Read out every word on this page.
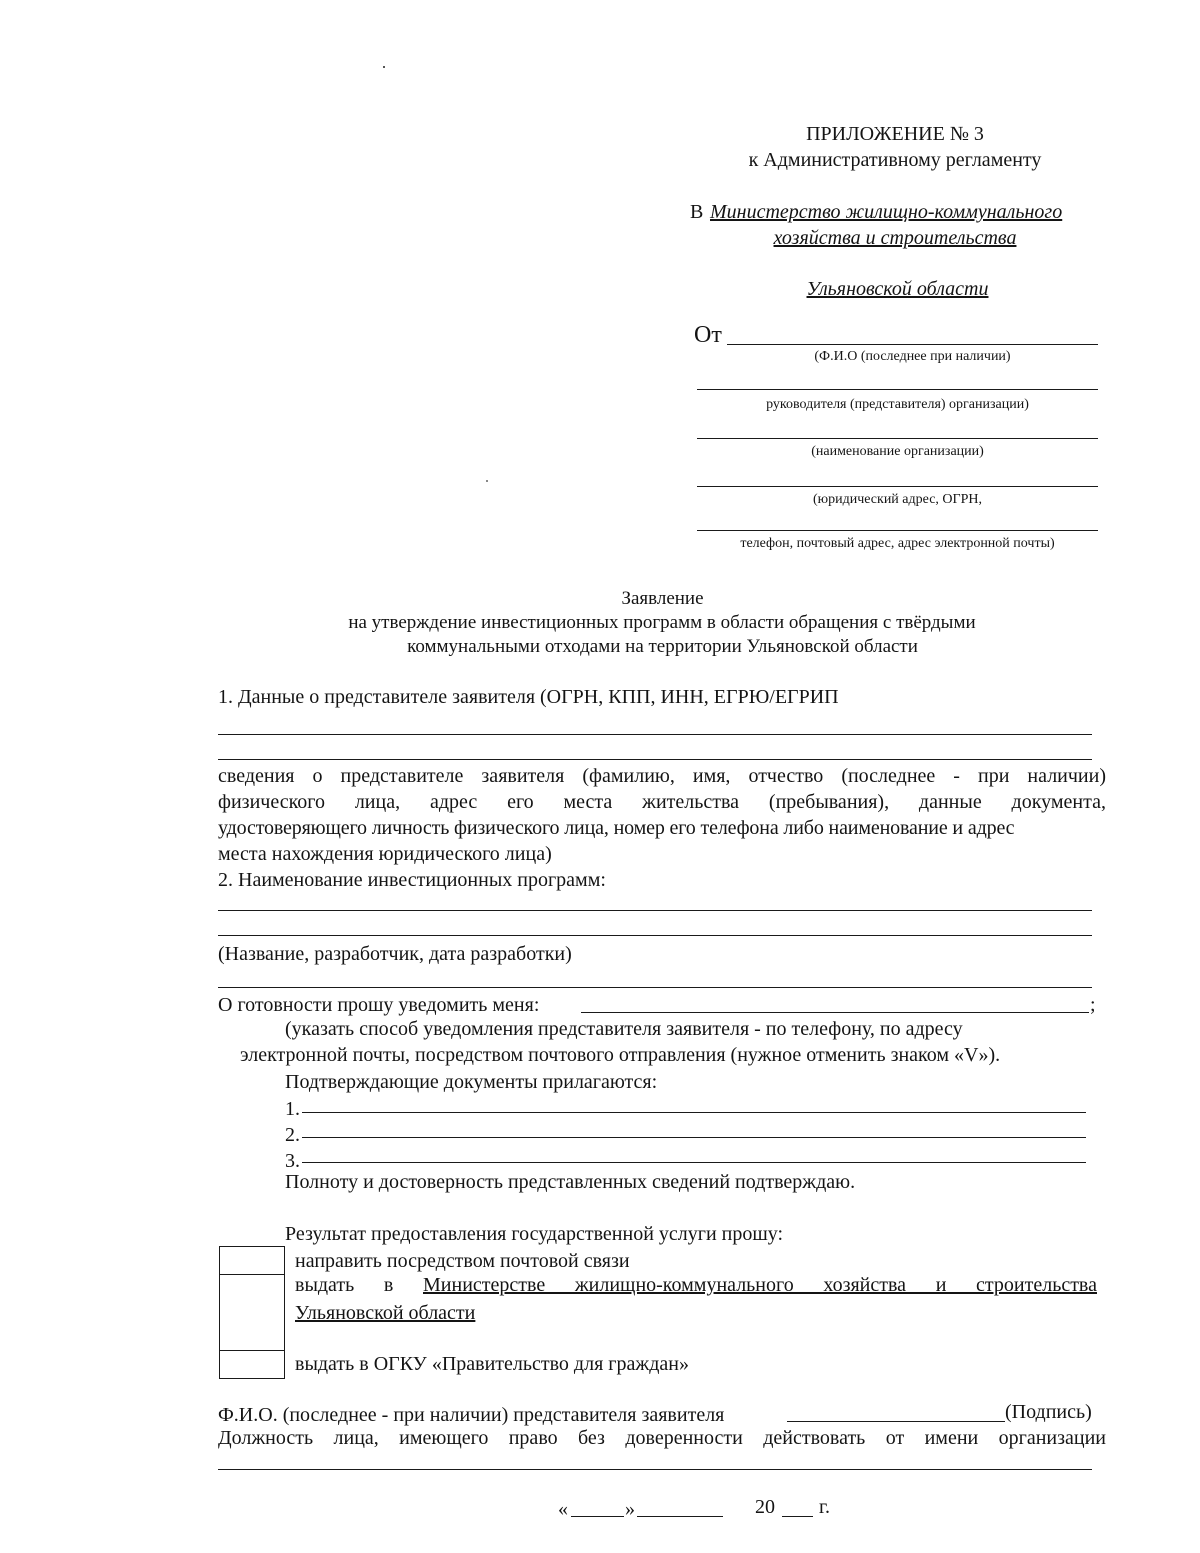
ПРИЛОЖЕНИЕ № 3
к Административному регламенту
В Министерство жилищно-коммунального
хозяйства и строительства
Ульяновской области
От
(Ф.И.О (последнее при наличии)
руководителя (представителя) организации)
(наименование организации)
(юридический адрес, ОГРН,
телефон, почтовый адрес, адрес электронной почты)
Заявление
на утверждение инвестиционных программ в области обращения с твёрдыми
коммунальными отходами на территории Ульяновской области
1. Данные о представителе заявителя (ОГРН, КПП, ИНН, ЕГРЮ/ЕГРИП
сведения о представителе заявителя (фамилию, имя, отчество (последнее - при наличии)
физического лица, адрес его места жительства (пребывания), данные документа,
удостоверяющего личность физического лица, номер его телефона либо наименование и адрес
места нахождения юридического лица)
2. Наименование инвестиционных программ:
(Название, разработчик, дата разработки)
О готовности прошу уведомить меня:	;
(указать способ уведомления представителя заявителя - по телефону, по адресу
электронной почты, посредством почтового отправления (нужное отменить знаком «V»).
Подтверждающие документы прилагаются:
1.
2.
3.
Полноту и достоверность представленных сведений подтверждаю.
Результат предоставления государственной услуги прошу:
направить посредством почтовой связи
выдать в Министерстве жилищно-коммунального хозяйства и строительства
Ульяновской области
выдать в ОГКУ «Правительство для граждан»
Ф.И.О. (последнее - при наличии) представителя заявителя	(Подпись)
Должность лица, имеющего право без доверенности действовать от имени организации
«	»	20 г.
